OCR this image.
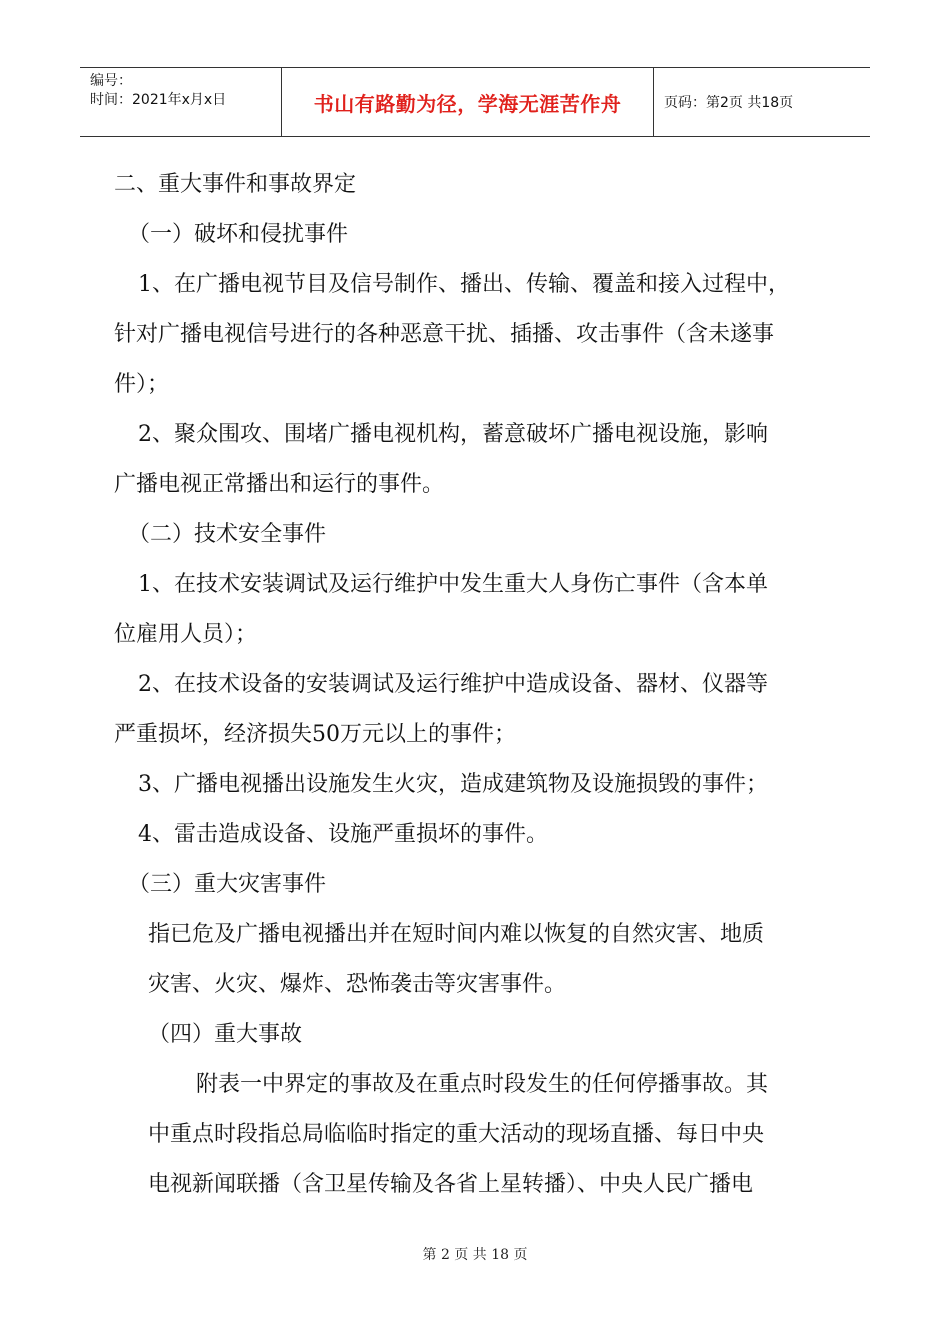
编号：
时间：2021年x月x日	书山有路勤为径，学海无涯苦作舟	页码：第2页 共18页
二、重大事件和事故界定
（一）破坏和侵扰事件
1、在广播电视节目及信号制作、播出、传输、覆盖和接入过程中，
针对广播电视信号进行的各种恶意干扰、插播、攻击事件（含未遂事
件）；
2、聚众围攻、围堵广播电视机构，蓄意破坏广播电视设施，影响
广播电视正常播出和运行的事件。
（二）技术安全事件
1、在技术安装调试及运行维护中发生重大人身伤亡事件（含本单
位雇用人员）；
2、在技术设备的安装调试及运行维护中造成设备、器材、仪器等
严重损坏，经济损失50万元以上的事件；
3、广播电视播出设施发生火灾，造成建筑物及设施损毁的事件；
4、雷击造成设备、设施严重损坏的事件。
（三）重大灾害事件
指已危及广播电视播出并在短时间内难以恢复的自然灾害、地质
灾害、火灾、爆炸、恐怖袭击等灾害事件。
（四）重大事故
附表一中界定的事故及在重点时段发生的任何停播事故。其
中重点时段指总局临临时指定的重大活动的现场直播、每日中央
电视新闻联播（含卫星传输及各省上星转播）、中央人民广播电
第 2 页 共 18 页
